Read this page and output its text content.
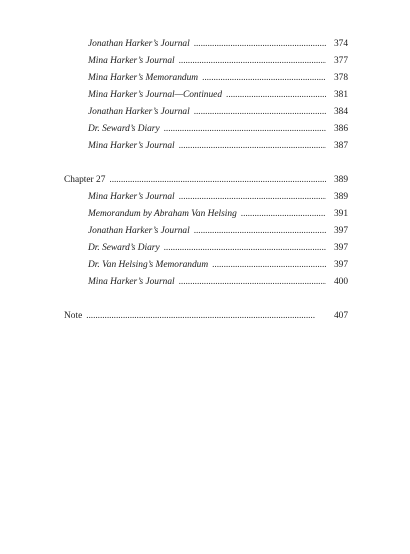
Jonathan Harker’s Journal . . .	374
Mina Harker’s Journal . . .	377
Mina Harker’s Memorandum . . .	378
Mina Harker’s Journal—Continued . . .	381
Jonathan Harker’s Journal . . .	384
Dr. Seward’s Diary . . .	386
Mina Harker’s Journal . . .	387
Chapter 27 . . .	389
Mina Harker’s Journal . . .	389
Memorandum by Abraham Van Helsing . . .	391
Jonathan Harker’s Journal . . .	397
Dr. Seward’s Diary . . .	397
Dr. Van Helsing’s Memorandum . . .	397
Mina Harker’s Journal . . .	400
Note . . .	407
